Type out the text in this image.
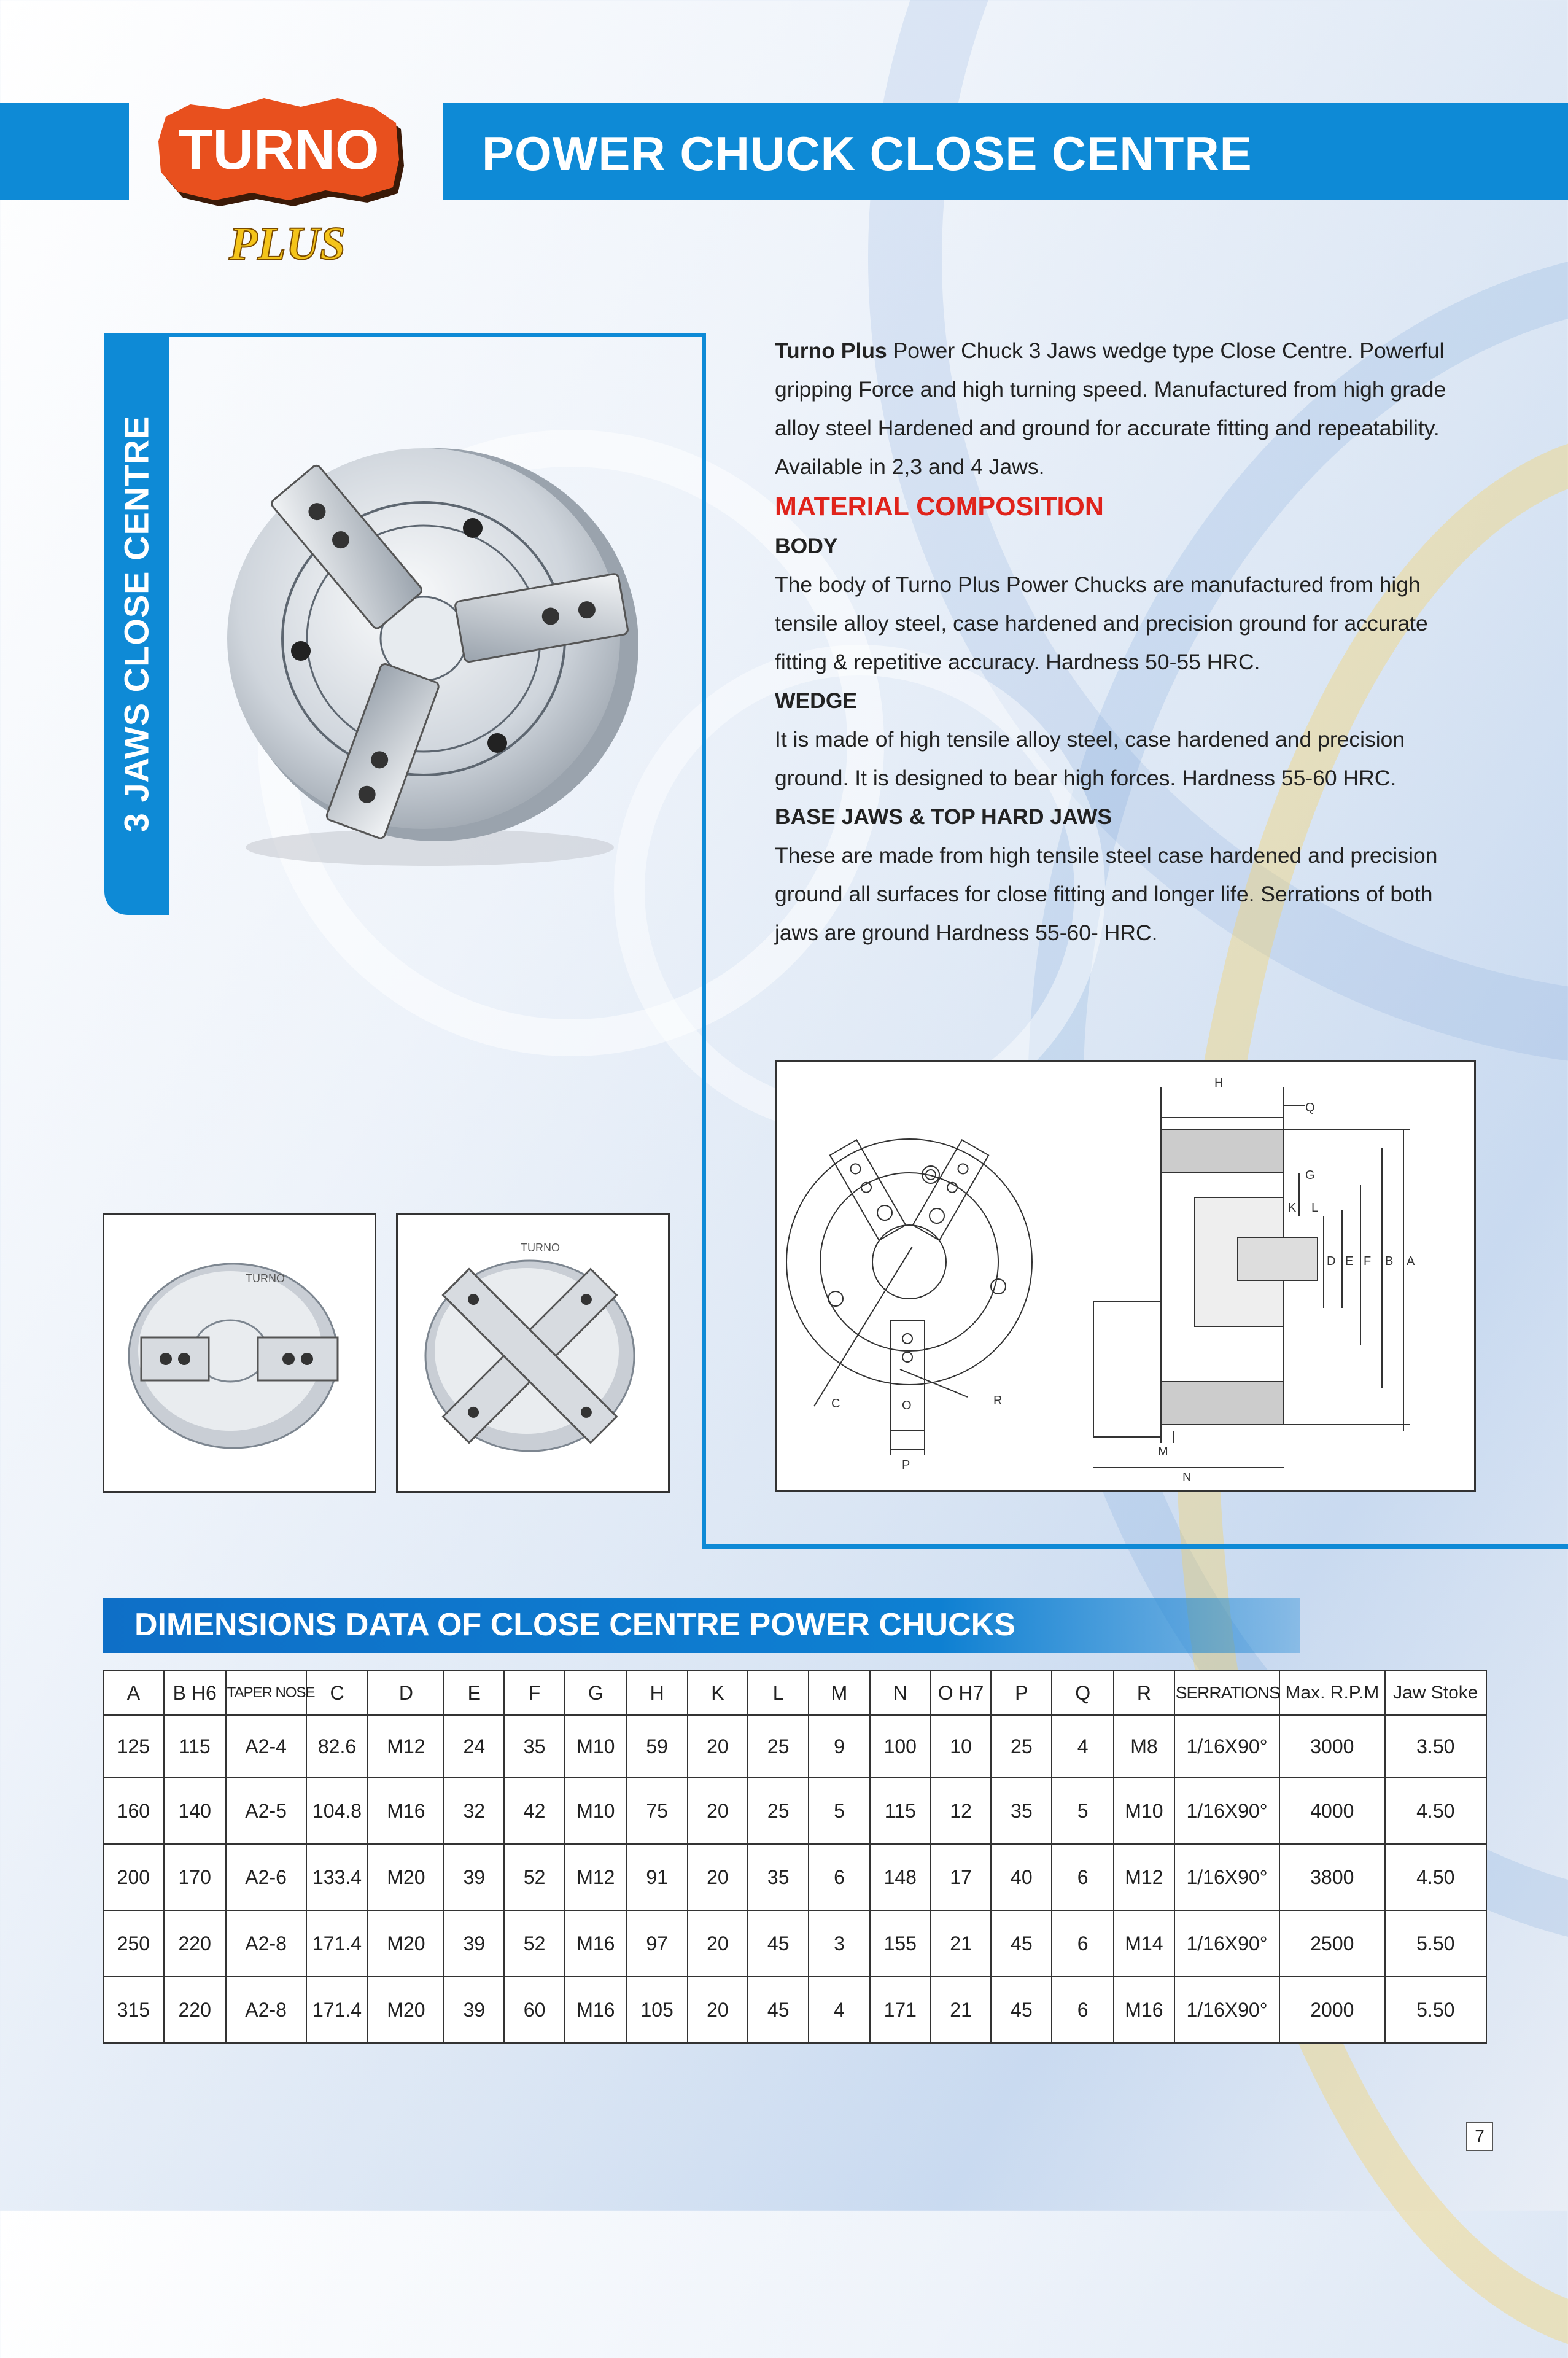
POWER CHUCK CLOSE CENTRE
TURNO
PLUS
3 JAWS CLOSE CENTRE

Turno Plus Power Chuck 3 Jaws wedge type Close Centre. Powerful gripping Force and high turning speed. Manufactured from high grade alloy steel Hardened and ground for accurate fitting and repeatability. Available in 2,3 and 4 Jaws.

MATERIAL COMPOSITION

BODY

The body of Turno Plus Power Chucks are manufactured from high tensile alloy steel, case hardened and precision ground for accurate fitting & repetitive accuracy. Hardness 50-55 HRC.

WEDGE

It is made of high tensile alloy steel, case hardened and precision ground. It is designed to bear high forces. Hardness 55-60 HRC.

BASE JAWS & TOP HARD JAWS

These are made from high tensile steel case hardened and precision ground all surfaces for close fitting and longer life. Serrations of both jaws are ground Hardness 55-60- HRC.

C	O	R
P
H
Q
G
K L
D E F B A
M
N
TURNO
TURNO
DIMENSIONS DATA OF CLOSE CENTRE POWER CHUCKS
A	B H6	TAPER NOSE	C	D	E	F	G	H	K	L	M	N	O H7	P	Q	R	SERRATIONS	Max. R.P.M	Jaw Stoke
125	115	A2-4	82.6	M12	24	35	M10	59	20	25	9	100	10	25	4	M8	1/16X90°	3000	3.50
160	140	A2-5	104.8	M16	32	42	M10	75	20	25	5	115	12	35	5	M10	1/16X90°	4000	4.50
200	170	A2-6	133.4	M20	39	52	M12	91	20	35	6	148	17	40	6	M12	1/16X90°	3800	4.50
250	220	A2-8	171.4	M20	39	52	M16	97	20	45	3	155	21	45	6	M14	1/16X90°	2500	5.50
315	220	A2-8	171.4	M20	39	60	M16	105	20	45	4	171	21	45	6	M16	1/16X90°	2000	5.50
7
